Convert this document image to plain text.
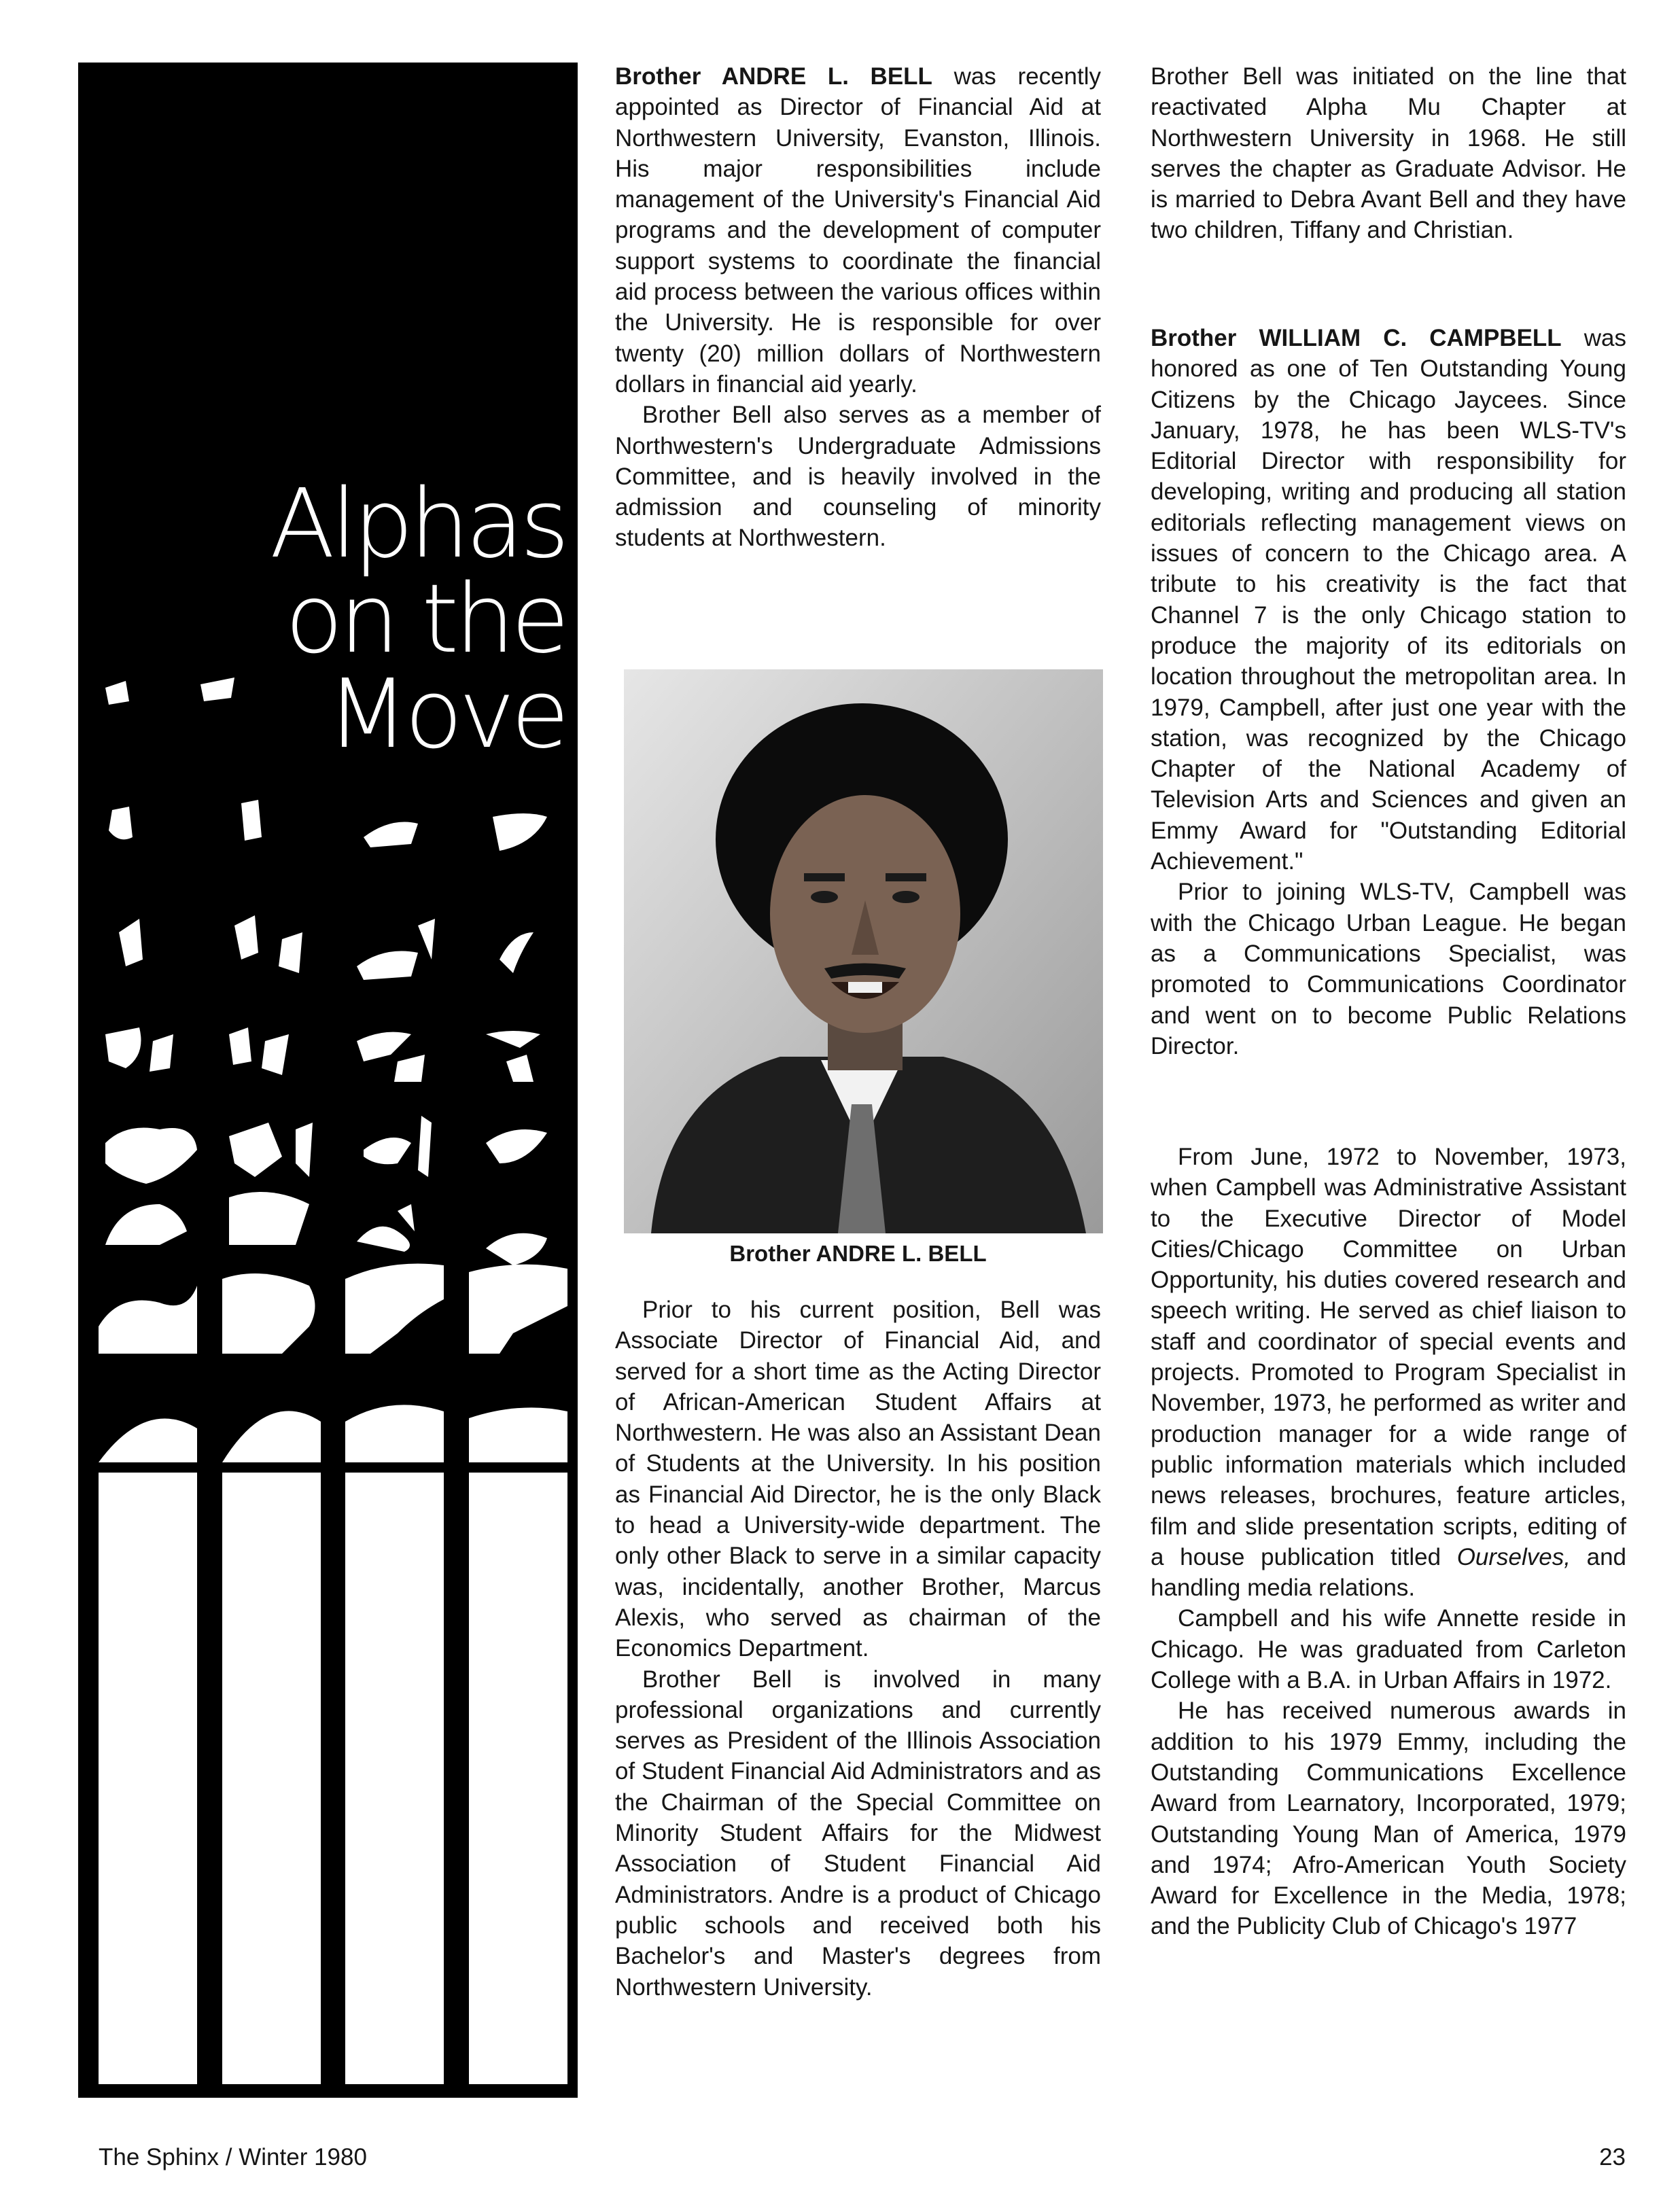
Alphas
on the
Move

Brother ANDRE L. BELL was recently appointed as Director of Financial Aid at Northwestern University, Evanston, Illinois. His major responsibilities include management of the University's Financial Aid programs and the development of computer support systems to coordinate the financial aid process between the various offices within the University. He is responsible for over twenty (20) million dollars of Northwestern dollars in financial aid yearly.

Brother Bell also serves as a member of Northwestern's Undergraduate Admissions Committee, and is heavily involved in the admission and counseling of minority students at Northwestern.

Brother ANDRE L. BELL

Prior to his current position, Bell was Associate Director of Financial Aid, and served for a short time as the Acting Director of African-American Student Affairs at Northwestern. He was also an Assistant Dean of Students at the University. In his position as Financial Aid Director, he is the only Black to head a University-wide department. The only other Black to serve in a similar capacity was, incidentally, another Brother, Marcus Alexis, who served as chairman of the Economics Department.

Brother Bell is involved in many professional organizations and currently serves as President of the Illinois Association of Student Financial Aid Administrators and as the Chairman of the Special Committee on Minority Student Affairs for the Midwest Association of Student Financial Aid Administrators. Andre is a product of Chicago public schools and received both his Bachelor's and Master's degrees from Northwestern University.

Brother Bell was initiated on the line that reactivated Alpha Mu Chapter at Northwestern University in 1968. He still serves the chapter as Graduate Advisor. He is married to Debra Avant Bell and they have two children, Tiffany and Christian.

Brother WILLIAM C. CAMPBELL was honored as one of Ten Outstanding Young Citizens by the Chicago Jaycees. Since January, 1978, he has been WLS-TV's Editorial Director with responsibility for developing, writing and producing all station editorials reflecting management views on issues of concern to the Chicago area. A tribute to his creativity is the fact that Channel 7 is the only Chicago station to produce the majority of its editorials on location throughout the metropolitan area. In 1979, Campbell, after just one year with the station, was recognized by the Chicago Chapter of the National Academy of Television Arts and Sciences and given an Emmy Award for "Outstanding Editorial Achievement."

Prior to joining WLS-TV, Campbell was with the Chicago Urban League. He began as a Communications Specialist, was promoted to Communications Coordinator and went on to become Public Relations Director.

From June, 1972 to November, 1973, when Campbell was Administrative Assistant to the Executive Director of Model Cities/Chicago Committee on Urban Opportunity, his duties covered research and speech writing. He served as chief liaison to staff and coordinator of special events and projects. Promoted to Program Specialist in November, 1973, he performed as writer and production manager for a wide range of public information materials which included news releases, brochures, feature articles, film and slide presentation scripts, editing of a house publication titled Ourselves, and handling media relations.

Campbell and his wife Annette reside in Chicago. He was graduated from Carleton College with a B.A. in Urban Affairs in 1972.

He has received numerous awards in addition to his 1979 Emmy, including the Outstanding Communications Excellence Award from Learnatory, Incorporated, 1979; Outstanding Young Man of America, 1979 and 1974; Afro-American Youth Society Award for Excellence in the Media, 1978; and the Publicity Club of Chicago's 1977

The Sphinx / Winter 1980	23
